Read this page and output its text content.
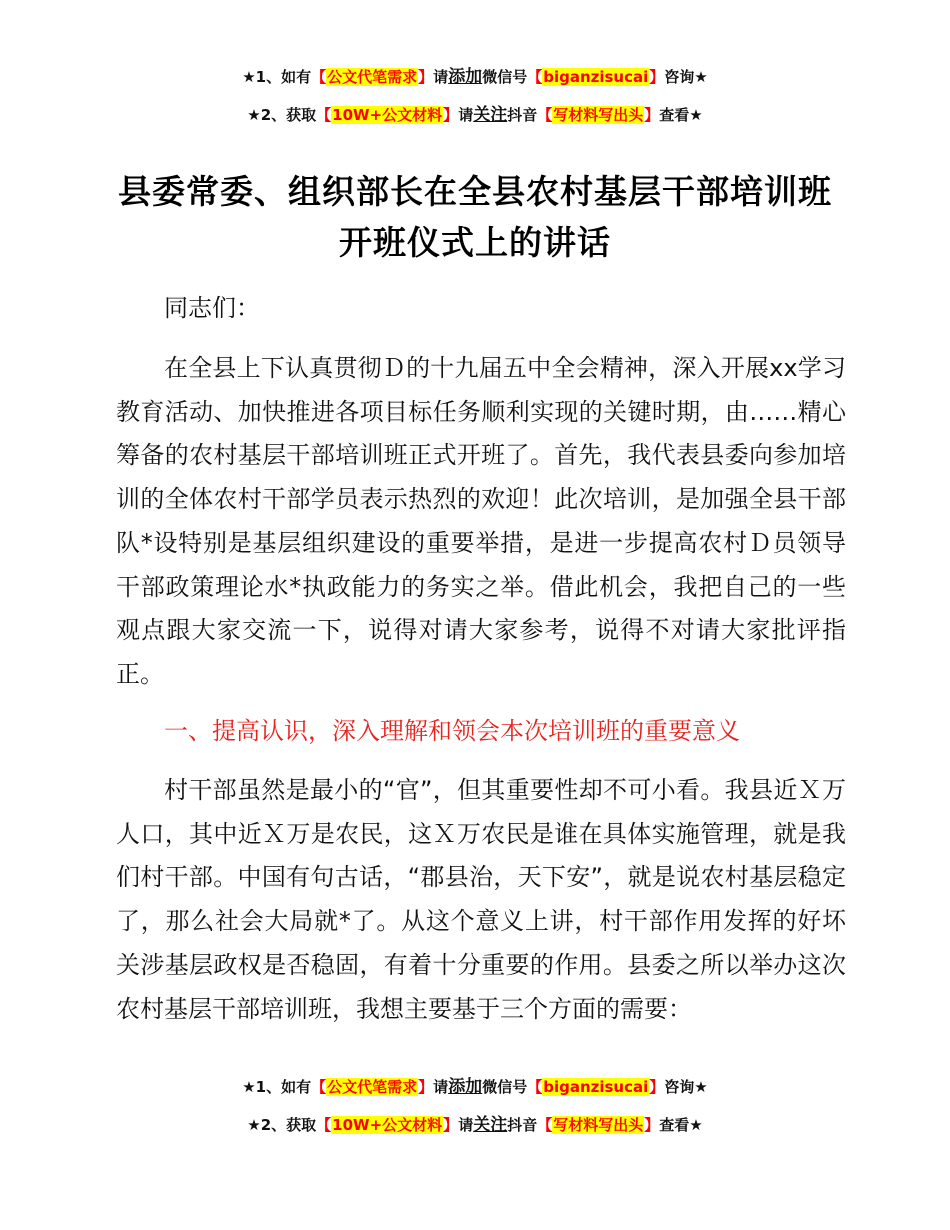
★1、如有【公文代笔需求】请添加微信号【biganzisucai】咨询★
★2、获取【10W+公文材料】请关注抖音【写材料写出头】查看★
县委常委、组织部长在全县农村基层干部培训班
开班仪式上的讲话

同志们：

在全县上下认真贯彻Ｄ的十九届五中全会精神，深入开展xx学习教育活动、加快推进各项目标任务顺利实现的关键时期，由……精心筹备的农村基层干部培训班正式开班了。首先，我代表县委向参加培训的全体农村干部学员表示热烈的欢迎！此次培训，是加强全县干部队*设特别是基层组织建设的重要举措，是进一步提高农村Ｄ员领导干部政策理论水*执政能力的务实之举。借此机会，我把自己的一些观点跟大家交流一下，说得对请大家参考，说得不对请大家批评指正。

一、提高认识，深入理解和领会本次培训班的重要意义

村干部虽然是最小的“官”，但其重要性却不可小看。我县近Ｘ万人口，其中近Ｘ万是农民，这Ｘ万农民是谁在具体实施管理，就是我们村干部。中国有句古话，“郡县治，天下安”，就是说农村基层稳定了，那么社会大局就*了。从这个意义上讲，村干部作用发挥的好坏关涉基层政权是否稳固，有着十分重要的作用。县委之所以举办这次农村基层干部培训班，我想主要基于三个方面的需要：

★1、如有【公文代笔需求】请添加微信号【biganzisucai】咨询★
★2、获取【10W+公文材料】请关注抖音【写材料写出头】查看★
